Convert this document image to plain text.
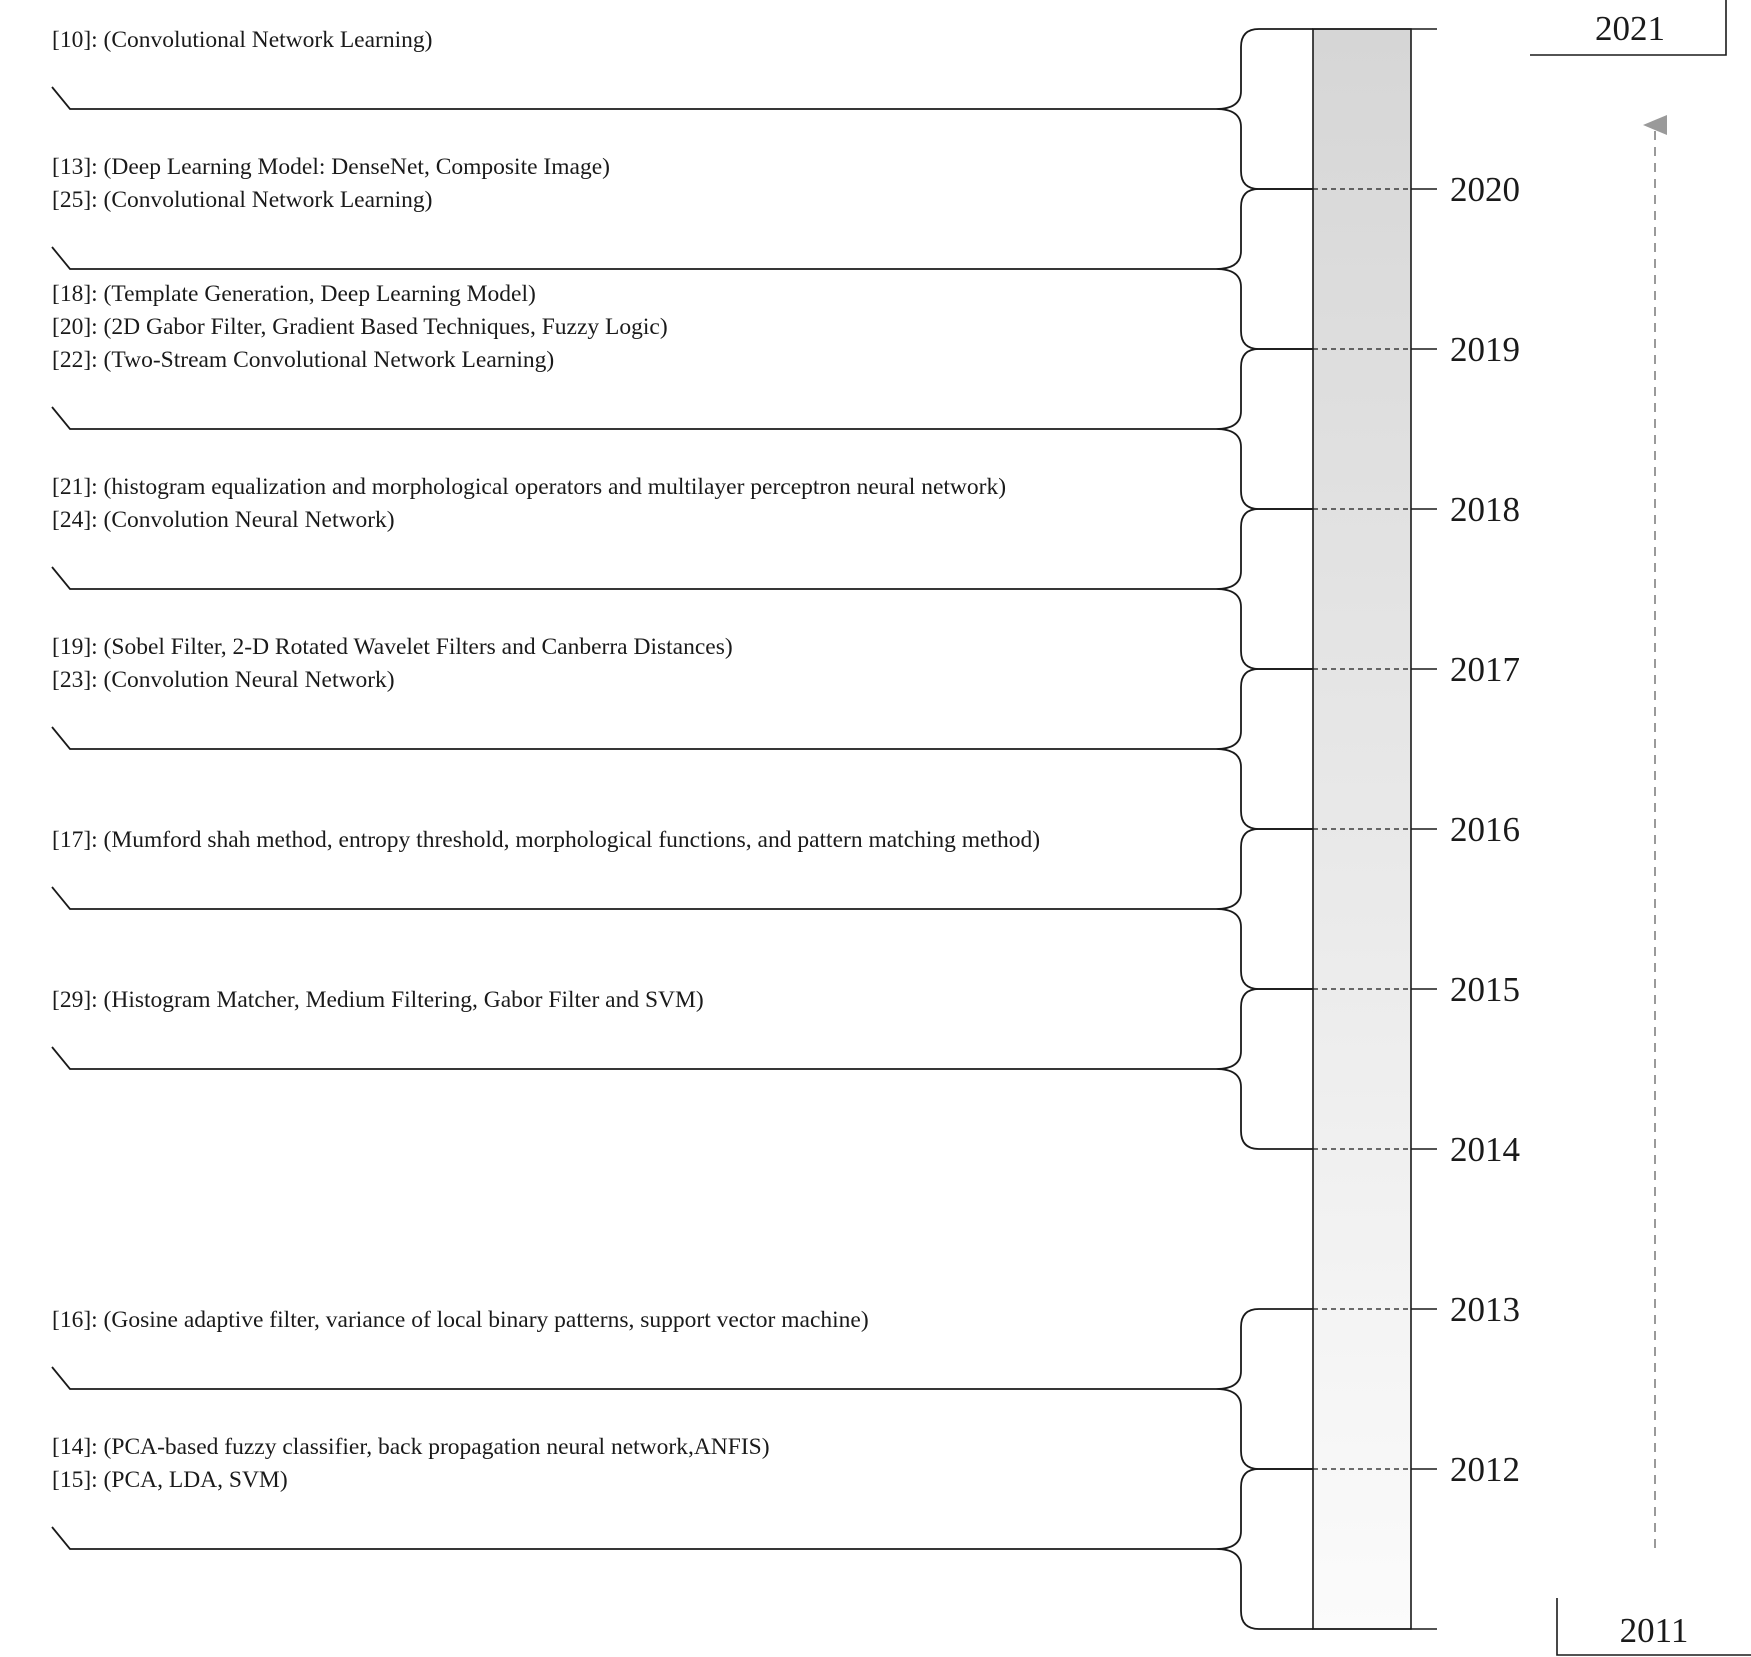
2021
2011
2020
2019
2018
2017
2016
2015
2014
2013
2012
[10]: (Convolutional Network Learning)
[13]: (Deep Learning Model: DenseNet, Composite Image)
[25]: (Convolutional Network Learning)
[18]: (Template Generation, Deep Learning Model)
[20]: (2D Gabor Filter, Gradient Based Techniques, Fuzzy Logic)
[22]: (Two-Stream Convolutional Network Learning)
[21]: (histogram equalization and morphological operators and multilayer perceptron neural network)
[24]: (Convolution Neural Network)
[19]: (Sobel Filter, 2-D Rotated Wavelet Filters and Canberra Distances)
[23]: (Convolution Neural Network)
[17]: (Mumford shah method, entropy threshold, morphological functions, and pattern matching method)
[29]: (Histogram Matcher, Medium Filtering, Gabor Filter and SVM)
[16]: (Gosine adaptive filter, variance of local binary patterns, support vector machine)
[14]: (PCA-based fuzzy classifier, back propagation neural network,ANFIS)
[15]: (PCA, LDA, SVM)
